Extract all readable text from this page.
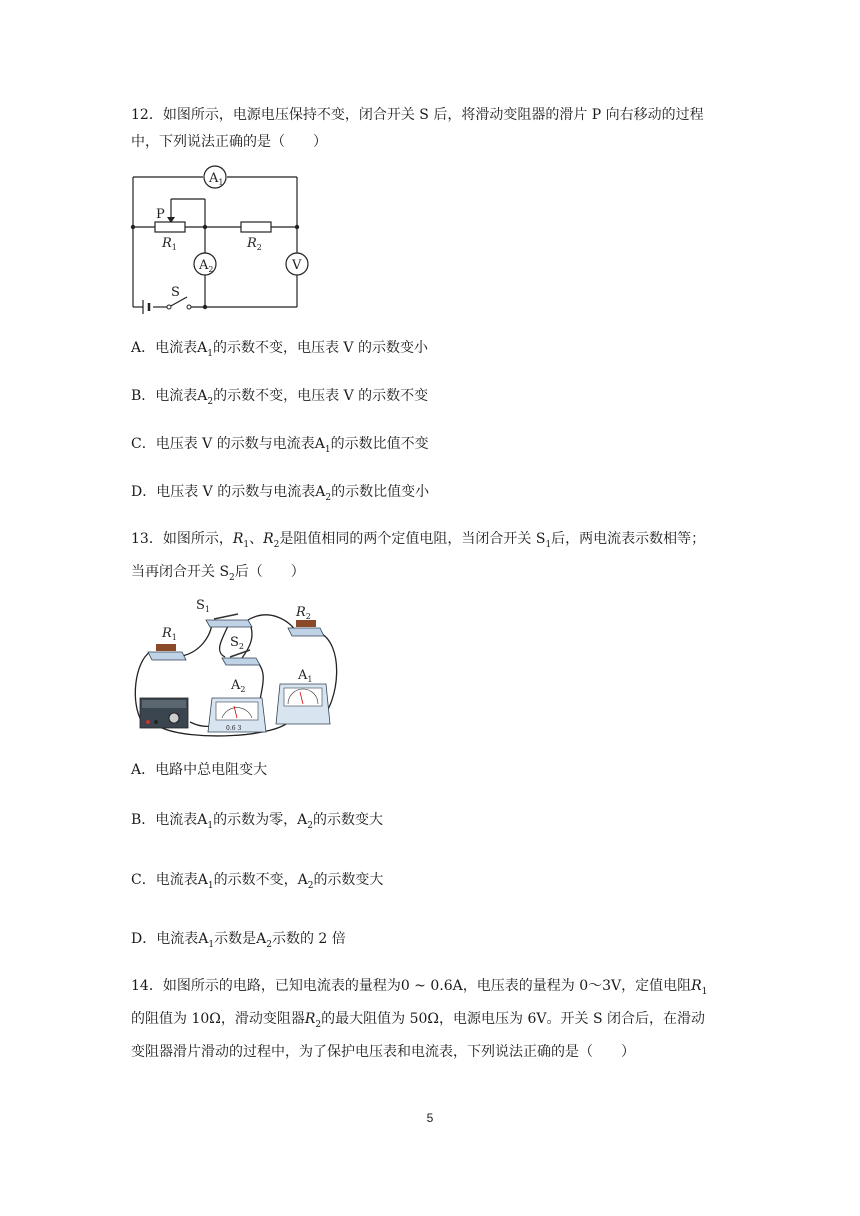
12．如图所示，电源电压保持不变，闭合开关 S 后，将滑动变阻器的滑片 P 向右移动的过程
中，下列说法正确的是（　　）
$A_1$
$A_2$	V
P
$R_1$	$R_2$
S
A．电流表$A_1$的示数不变，电压表 V 的示数变小
B．电流表$A_2$的示数不变，电压表 V 的示数不变
C．电压表 V 的示数与电流表$A_1$的示数比值不变
D．电压表 V 的示数与电流表$A_2$的示数比值变小
13．如图所示，$R_1$、$R_2$是阻值相同的两个定值电阻，当闭合开关 $S_1$后，两电流表示数相等；
当再闭合开关 $S_2$后（　　）
$S_1$
$R_1$
$R_2$
$S_2$
$A_2$
$A_1$
0.6 3
A．电路中总电阻变大
B．电流表$A_1$的示数为零，$A_2$的示数变大
C．电流表$A_1$的示数不变，$A_2$的示数变大
D．电流表$A_1$示数是$A_2$示数的 2 倍
14．如图所示的电路，已知电流表的量程为0 ~ 0.6A，电压表的量程为 0～3V，定值电阻$R_1$
的阻值为 10Ω，滑动变阻器$R_2$的最大阻值为 50Ω，电源电压为 6V。开关 S 闭合后，在滑动
变阻器滑片滑动的过程中，为了保护电压表和电流表，下列说法正确的是（　　）
5
